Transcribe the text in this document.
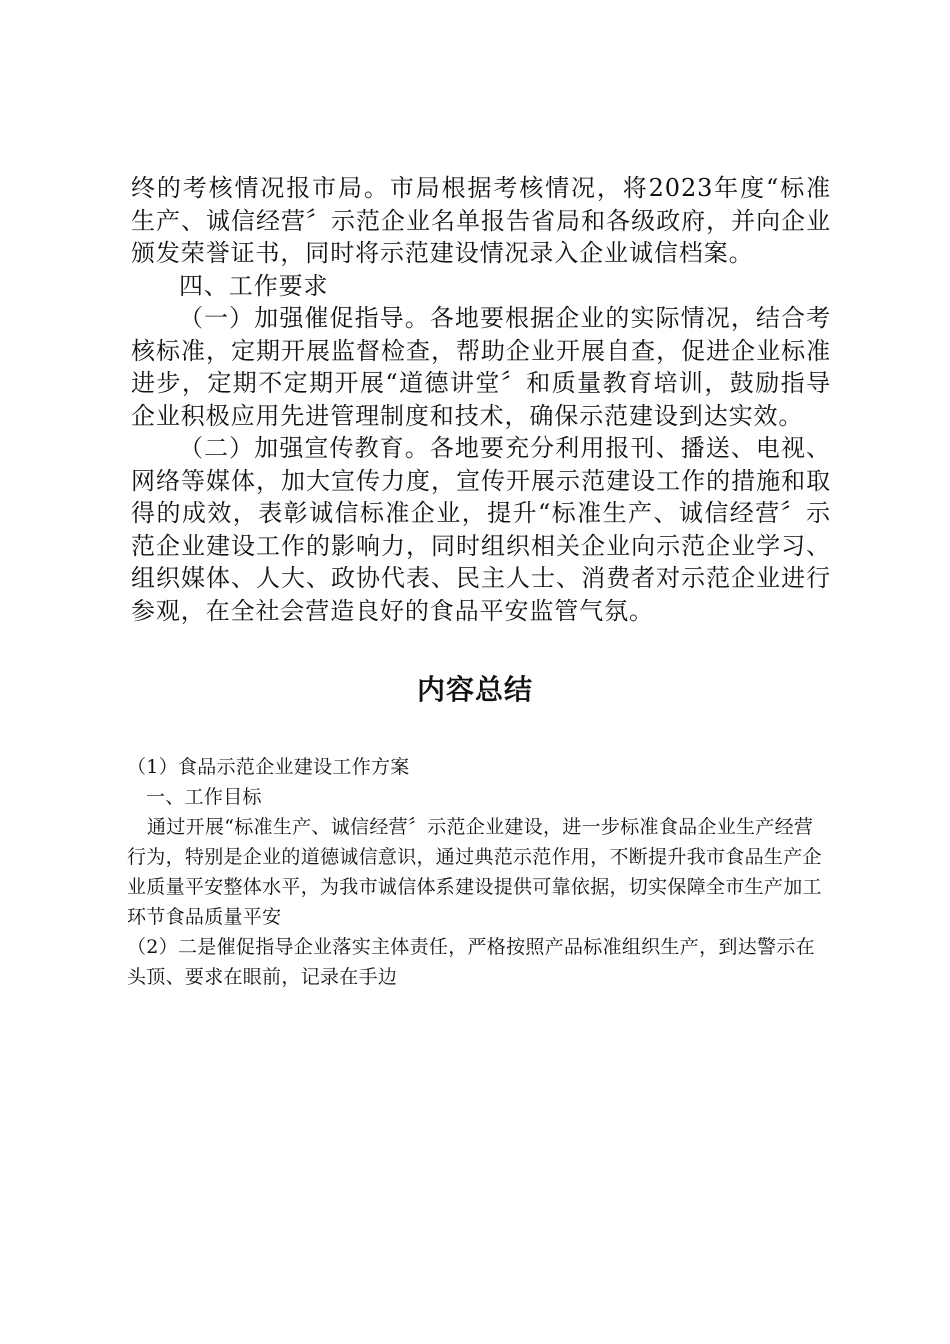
终的考核情况报市局。市局根据考核情况，将2023年度“标准生产、诚信经营〞示范企业名单报告省局和各级政府，并向企业颁发荣誉证书，同时将示范建设情况录入企业诚信档案。

四、工作要求

（一）加强催促指导。各地要根据企业的实际情况，结合考核标准，定期开展监督检查，帮助企业开展自查，促进企业标准进步，定期不定期开展“道德讲堂〞和质量教育培训，鼓励指导企业积极应用先进管理制度和技术，确保示范建设到达实效。

（二）加强宣传教育。各地要充分利用报刊、播送、电视、网络等媒体，加大宣传力度，宣传开展示范建设工作的措施和取得的成效，表彰诚信标准企业，提升“标准生产、诚信经营〞示范企业建设工作的影响力，同时组织相关企业向示范企业学习、组织媒体、人大、政协代表、民主人士、消费者对示范企业进行参观，在全社会营造良好的食品平安监管气氛。

内容总结

（1）食品示范企业建设工作方案

一、工作目标

通过开展“标准生产、诚信经营〞示范企业建设，进一步标准食品企业生产经营行为，特别是企业的道德诚信意识，通过典范示范作用，不断提升我市食品生产企业质量平安整体水平，为我市诚信体系建设提供可靠依据，切实保障全市生产加工环节食品质量平安

（2）二是催促指导企业落实主体责任，严格按照产品标准组织生产，到达警示在头顶、要求在眼前，记录在手边
